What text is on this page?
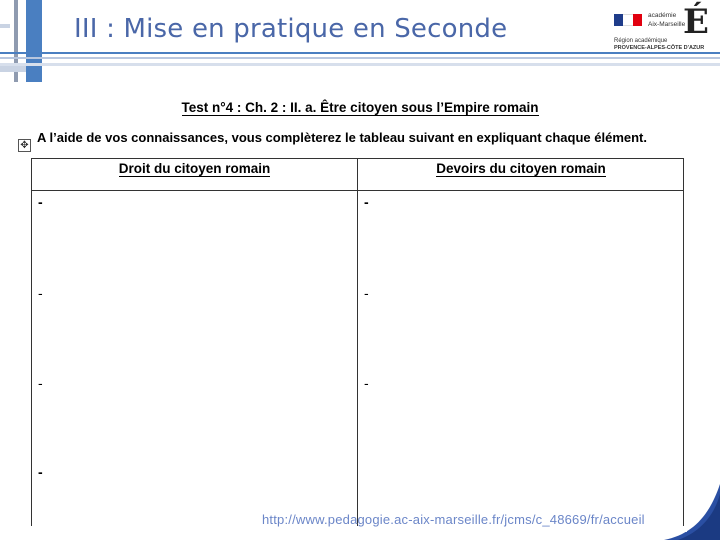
III : Mise en pratique en Seconde	académie
Aix-Marseille
Région académique
PROVENCE-ALPES-CÔTE D'AZUR
É
Test n°4 : Ch. 2 : II. a. Être citoyen sous l’Empire romain
A l’aide de vos connaissances, vous complèterez le tableau suivant en expliquant chaque élément.
✥
Droit du citoyen romain	Devoirs du citoyen romain
-	-
-	-
-	-
-
http://www.pedagogie.ac-aix-marseille.fr/jcms/c_48669/fr/accueil
